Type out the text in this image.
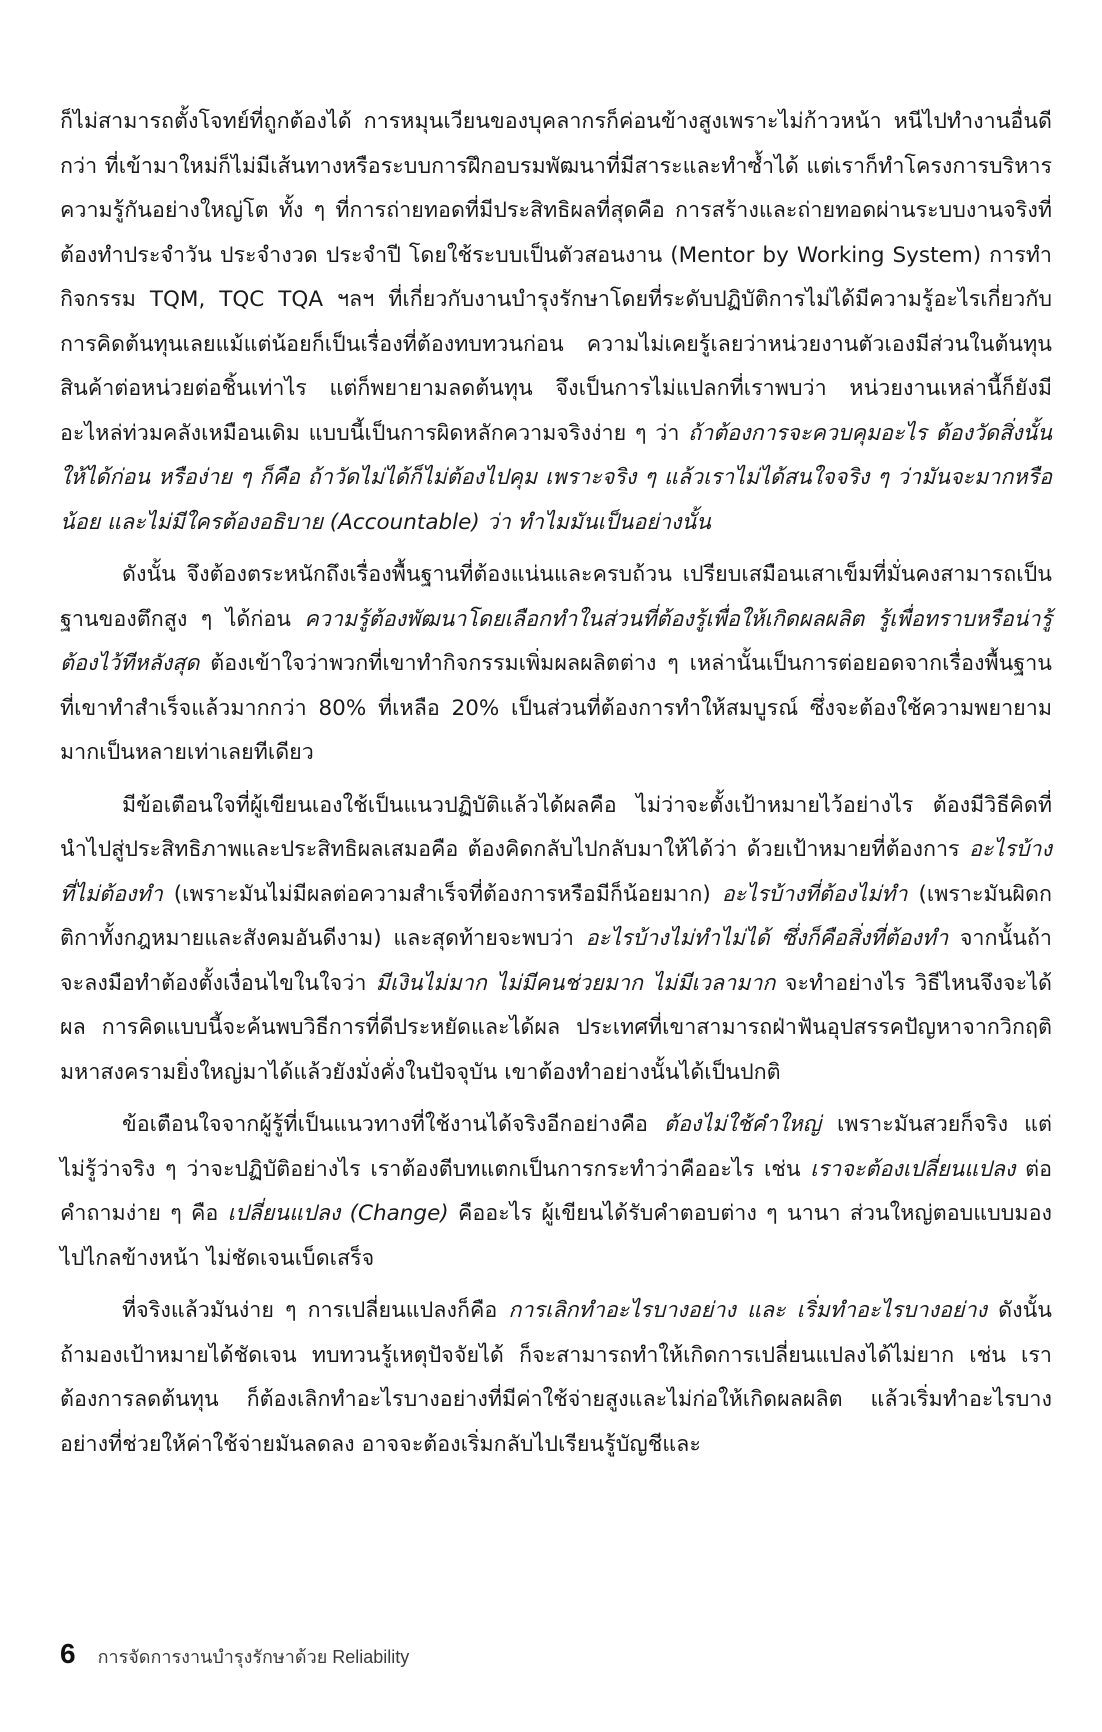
ก็ไม่สามารถตั้งโจทย์ที่ถูกต้องได้ การหมุนเวียนของบุคลากรก็ค่อนข้างสูงเพราะไม่ก้าวหน้า หนีไปทำงานอื่นดีกว่า ที่เข้ามาใหม่ก็ไม่มีเส้นทางหรือระบบการฝึกอบรมพัฒนาที่มีสาระและทำซ้ำได้ แต่เราก็ทำโครงการบริหารความรู้กันอย่างใหญ่โต ทั้ง ๆ ที่การถ่ายทอดที่มีประสิทธิผลที่สุดคือ การสร้างและถ่ายทอดผ่านระบบงานจริงที่ต้องทำประจำวัน ประจำงวด ประจำปี โดยใช้ระบบเป็นตัวสอนงาน (Mentor by Working System) การทำกิจกรรม TQM, TQC TQA ฯลฯ ที่เกี่ยวกับงานบำรุงรักษาโดยที่ระดับปฏิบัติการไม่ได้มีความรู้อะไรเกี่ยวกับการคิดต้นทุนเลยแม้แต่น้อยก็เป็นเรื่องที่ต้องทบทวนก่อน ความไม่เคยรู้เลยว่าหน่วยงานตัวเองมีส่วนในต้นทุนสินค้าต่อหน่วยต่อชิ้นเท่าไร แต่ก็พยายามลดต้นทุน จึงเป็นการไม่แปลกที่เราพบว่า หน่วยงานเหล่านี้ก็ยังมีอะไหล่ท่วมคลังเหมือนเดิม แบบนี้เป็นการผิดหลักความจริงง่าย ๆ ว่า ถ้าต้องการจะควบคุมอะไร ต้องวัดสิ่งนั้นให้ได้ก่อน หรือง่าย ๆ ก็คือ ถ้าวัดไม่ได้ก็ไม่ต้องไปคุม เพราะจริง ๆ แล้วเราไม่ได้สนใจจริง ๆ ว่ามันจะมากหรือน้อย และไม่มีใครต้องอธิบาย (Accountable) ว่า ทำไมมันเป็นอย่างนั้น

ดังนั้น จึงต้องตระหนักถึงเรื่องพื้นฐานที่ต้องแน่นและครบถ้วน เปรียบเสมือนเสาเข็มที่มั่นคงสามารถเป็นฐานของตึกสูง ๆ ได้ก่อน ความรู้ต้องพัฒนาโดยเลือกทำในส่วนที่ต้องรู้เพื่อให้เกิดผลผลิต รู้เพื่อทราบหรือน่ารู้ต้องไว้ทีหลังสุด ต้องเข้าใจว่าพวกที่เขาทำกิจกรรมเพิ่มผลผลิตต่าง ๆ เหล่านั้นเป็นการต่อยอดจากเรื่องพื้นฐานที่เขาทำสำเร็จแล้วมากกว่า 80% ที่เหลือ 20% เป็นส่วนที่ต้องการทำให้สมบูรณ์ ซึ่งจะต้องใช้ความพยายามมากเป็นหลายเท่าเลยทีเดียว

มีข้อเตือนใจที่ผู้เขียนเองใช้เป็นแนวปฏิบัติแล้วได้ผลคือ ไม่ว่าจะตั้งเป้าหมายไว้อย่างไร ต้องมีวิธีคิดที่นำไปสู่ประสิทธิภาพและประสิทธิผลเสมอคือ ต้องคิดกลับไปกลับมาให้ได้ว่า ด้วยเป้าหมายที่ต้องการ อะไรบ้างที่ไม่ต้องทำ (เพราะมันไม่มีผลต่อความสำเร็จที่ต้องการหรือมีก็น้อยมาก) อะไรบ้างที่ต้องไม่ทำ (เพราะมันผิดกติกาทั้งกฎหมายและสังคมอันดีงาม) และสุดท้ายจะพบว่า อะไรบ้างไม่ทำไม่ได้ ซึ่งก็คือสิ่งที่ต้องทำ จากนั้นถ้าจะลงมือทำต้องตั้งเงื่อนไขในใจว่า มีเงินไม่มาก ไม่มีคนช่วยมาก ไม่มีเวลามาก จะทำอย่างไร วิธีไหนจึงจะได้ผล การคิดแบบนี้จะค้นพบวิธีการที่ดีประหยัดและได้ผล ประเทศที่เขาสามารถฝ่าฟันอุปสรรคปัญหาจากวิกฤติมหาสงครามยิ่งใหญ่มาได้แล้วยังมั่งคั่งในปัจจุบัน เขาต้องทำอย่างนั้นได้เป็นปกติ

ข้อเตือนใจจากผู้รู้ที่เป็นแนวทางที่ใช้งานได้จริงอีกอย่างคือ ต้องไม่ใช้คำใหญ่ เพราะมันสวยก็จริง แต่ไม่รู้ว่าจริง ๆ ว่าจะปฏิบัติอย่างไร เราต้องตีบทแตกเป็นการกระทำว่าคืออะไร เช่น เราจะต้องเปลี่ยนแปลง ต่อคำถามง่าย ๆ คือ เปลี่ยนแปลง (Change) คืออะไร ผู้เขียนได้รับคำตอบต่าง ๆ นานา ส่วนใหญ่ตอบแบบมองไปไกลข้างหน้า ไม่ชัดเจนเบ็ดเสร็จ

ที่จริงแล้วมันง่าย ๆ การเปลี่ยนแปลงก็คือ การเลิกทำอะไรบางอย่าง และ เริ่มทำอะไรบางอย่าง ดังนั้น ถ้ามองเป้าหมายได้ชัดเจน ทบทวนรู้เหตุปัจจัยได้ ก็จะสามารถทำให้เกิดการเปลี่ยนแปลงได้ไม่ยาก เช่น เราต้องการลดต้นทุน ก็ต้องเลิกทำอะไรบางอย่างที่มีค่าใช้จ่ายสูงและไม่ก่อให้เกิดผลผลิต แล้วเริ่มทำอะไรบางอย่างที่ช่วยให้ค่าใช้จ่ายมันลดลง อาจจะต้องเริ่มกลับไปเรียนรู้บัญชีและ

6 การจัดการงานบำรุงรักษาด้วย Reliability
